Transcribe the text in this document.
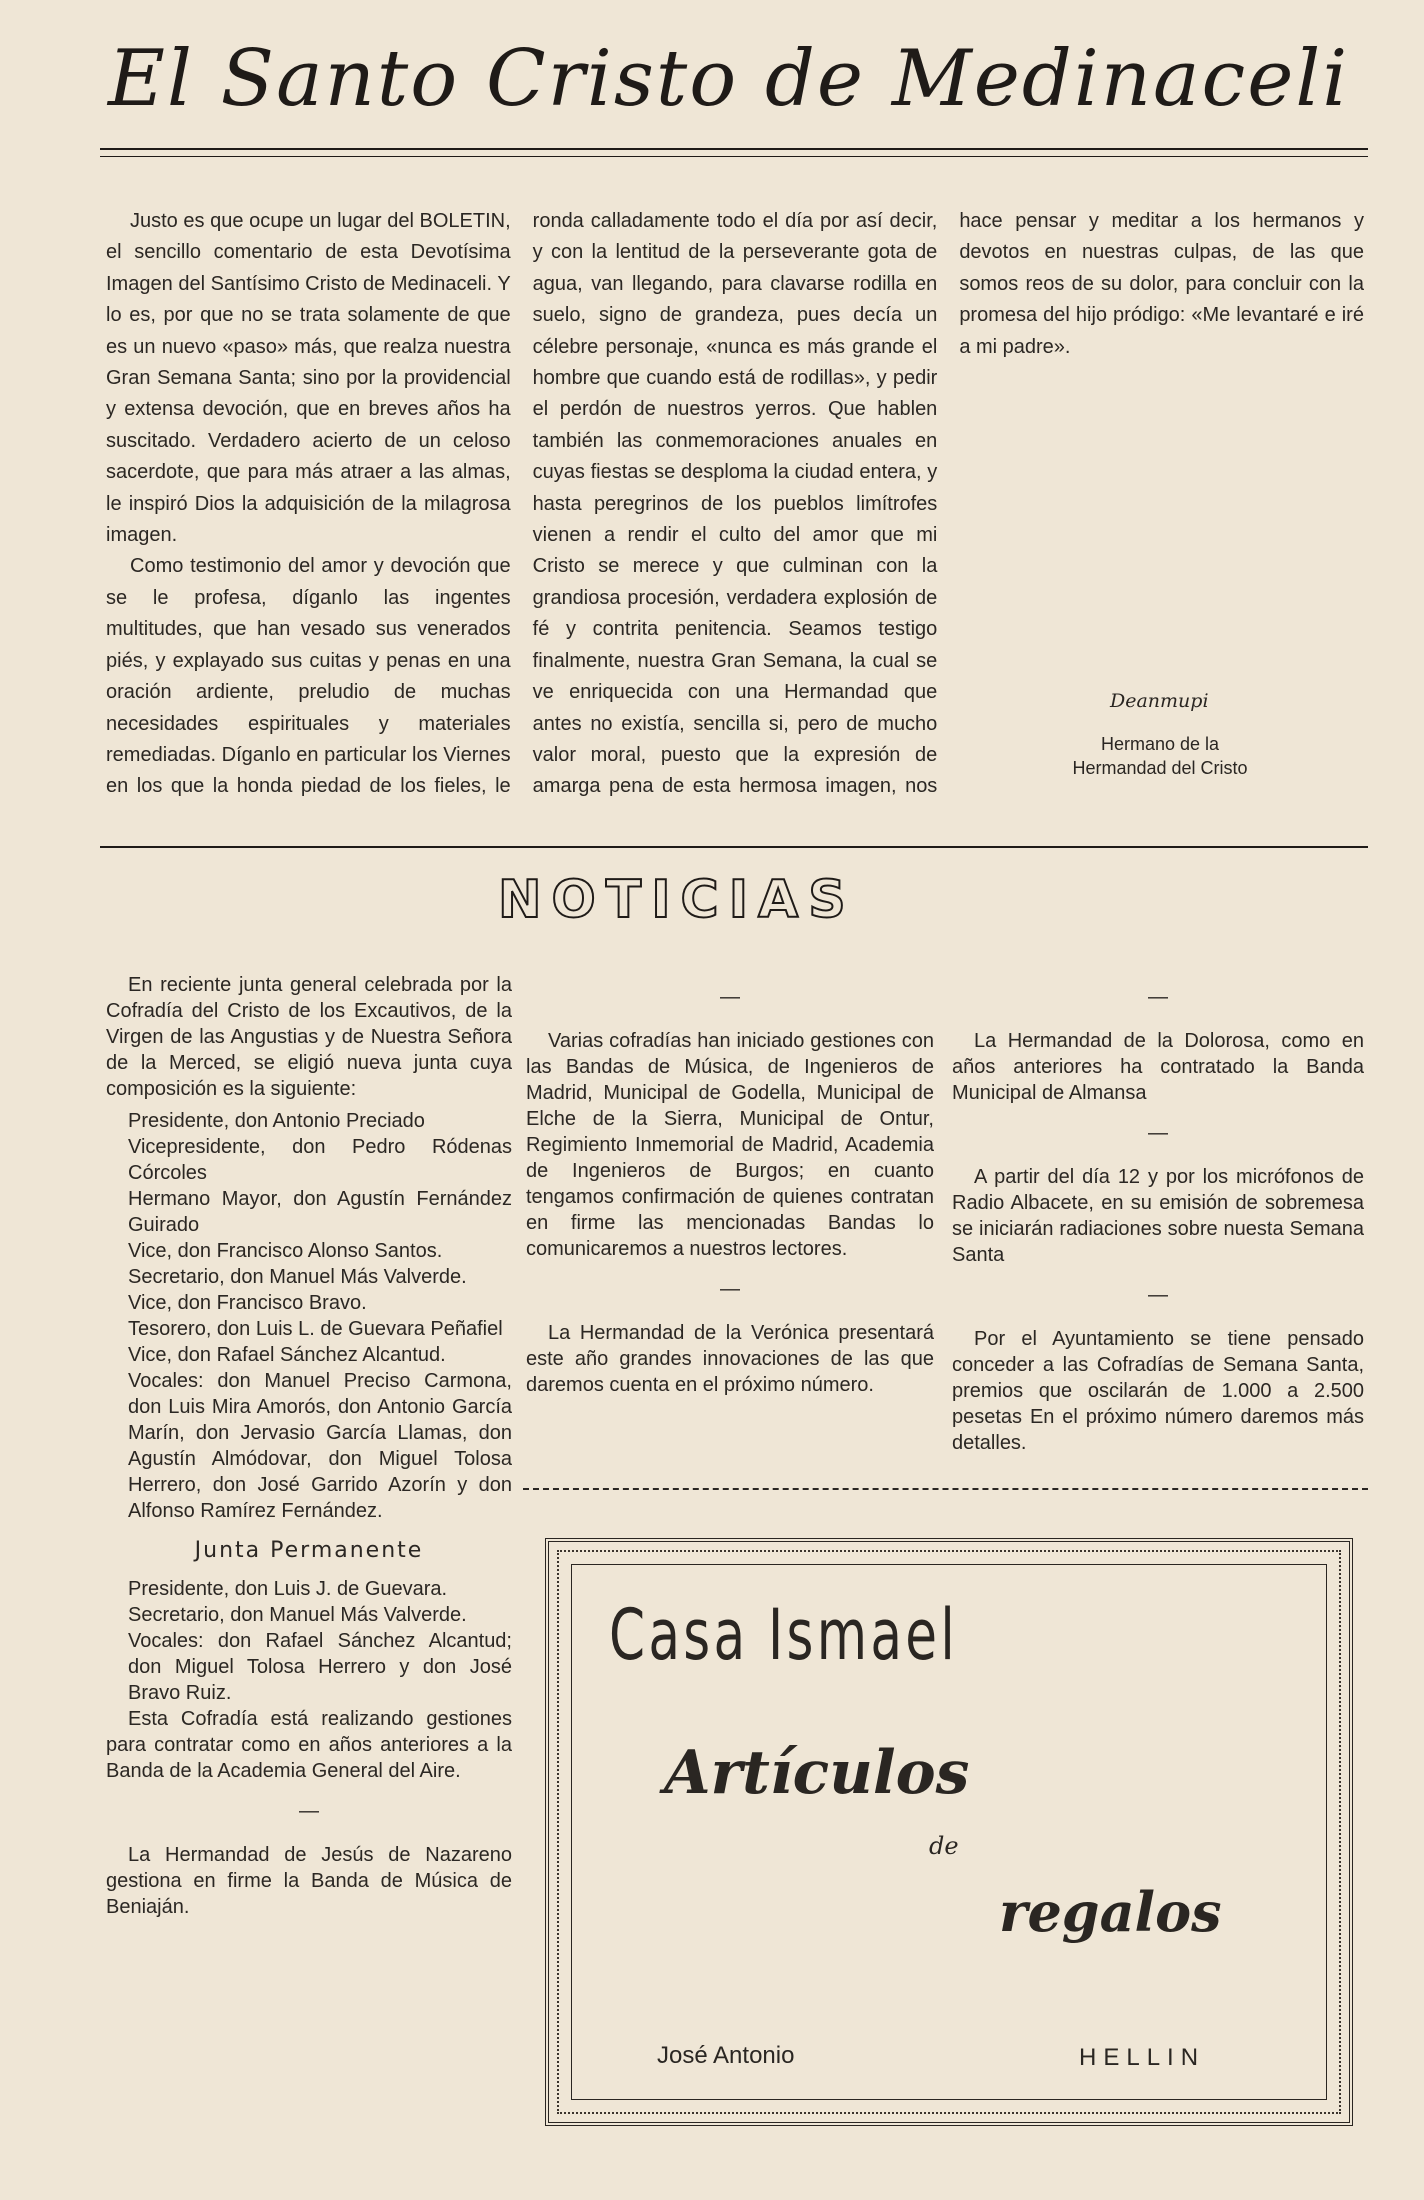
El Santo Cristo de Medinaceli

Justo es que ocupe un lugar del BOLETIN, el sencillo comentario de esta Devotísima Imagen del Santísimo Cristo de Medinaceli. Y lo es, por que no se trata solamente de que es un nuevo «paso» más, que realza nuestra Gran Semana Santa; sino por la providencial y extensa devoción, que en breves años ha suscitado. Verdadero acierto de un celoso sacerdote, que para más atraer a las almas, le inspiró Dios la adquisición de la milagrosa imagen.

Como testimonio del amor y devoción que se le profesa, díganlo las ingentes multitudes, que han vesado sus venerados piés, y explayado sus cuitas y penas en una oración ardiente, preludio de muchas necesidades espirituales y materiales remediadas. Díganlo en particular los Viernes en los que la honda piedad de los fieles, le ronda calladamente todo el día por así decir, y con la lentitud de la perseverante gota de agua, van llegando, para clavarse rodilla en suelo, signo de grandeza, pues decía un célebre personaje, «nunca es más grande el hombre que cuando está de rodillas», y pedir el perdón de nuestros yerros. Que hablen también las conmemoraciones anuales en cuyas fiestas se desploma la ciudad entera, y hasta peregrinos de los pueblos limítrofes vienen a rendir el culto del amor que mi Cristo se merece y que culminan con la grandiosa procesión, verdadera explosión de fé y contrita penitencia. Seamos testigo finalmente, nuestra Gran Semana, la cual se ve enriquecida con una Hermandad que antes no existía, sencilla si, pero de mucho valor moral, puesto que la expresión de amarga pena de esta hermosa imagen, nos hace pensar y meditar a los hermanos y devotos en nuestras culpas, de las que somos reos de su dolor, para concluir con la promesa del hijo pródigo: «Me levantaré e iré a mi padre».

Deanmupi
Hermano de la
Hermandad del Cristo
NOTICIAS

En reciente junta general celebrada por la Cofradía del Cristo de los Excautivos, de la Virgen de las Angustias y de Nuestra Señora de la Merced, se eligió nueva junta cuya composición es la siguiente:

Presidente, don Antonio Preciado

Vicepresidente, don Pedro Ródenas Córcoles

Hermano Mayor, don Agustín Fernández Guirado

Vice, don Francisco Alonso Santos.

Secretario, don Manuel Más Valverde.

Vice, don Francisco Bravo.

Tesorero, don Luis L. de Guevara Peñafiel

Vice, don Rafael Sánchez Alcantud.

Vocales: don Manuel Preciso Carmona, don Luis Mira Amorós, don Antonio García Marín, don Jervasio García Llamas, don Agustín Almódovar, don Miguel Tolosa Herrero, don José Garrido Azorín y don Alfonso Ramírez Fernández.

Junta Permanente

Presidente, don Luis J. de Guevara.

Secretario, don Manuel Más Valverde.

Vocales: don Rafael Sánchez Alcantud; don Miguel Tolosa Herrero y don José Bravo Ruiz.

Esta Cofradía está realizando gestiones para contratar como en años anteriores a la Banda de la Academia General del Aire.

—

La Hermandad de Jesús de Nazareno gestiona en firme la Banda de Música de Beniaján.

—

Varias cofradías han iniciado gestiones con las Bandas de Música, de Ingenieros de Madrid, Municipal de Godella, Municipal de Elche de la Sierra, Municipal de Ontur, Regimiento Inmemorial de Madrid, Academia de Ingenieros de Burgos; en cuanto tengamos confirmación de quienes contratan en firme las mencionadas Bandas lo comunicaremos a nuestros lectores.

—

La Hermandad de la Verónica presentará este año grandes innovaciones de las que daremos cuenta en el próximo número.

—

La Hermandad de la Dolorosa, como en años anteriores ha contratado la Banda Municipal de Almansa

—

A partir del día 12 y por los micrófonos de Radio Albacete, en su emisión de sobremesa se iniciarán radiaciones sobre nuesta Semana Santa

—

Por el Ayuntamiento se tiene pensado conceder a las Cofradías de Semana Santa, premios que oscilarán de 1.000 a 2.500 pesetas En el próximo número daremos más detalles.

Casa Ismael
Artículos
de
regalos
José Antonio	HELLIN
